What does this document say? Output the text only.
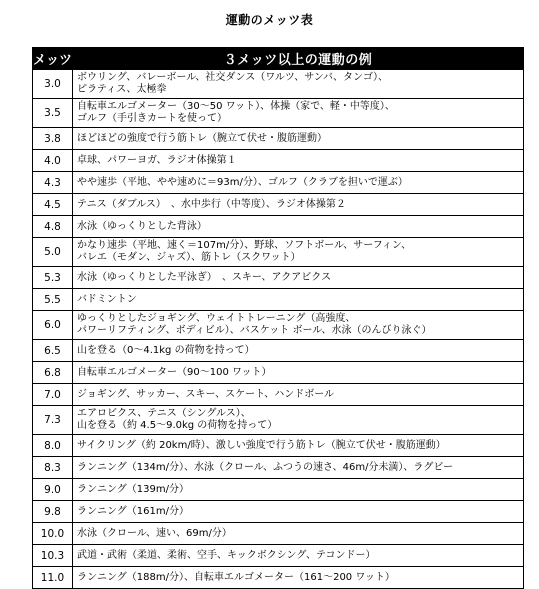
運動のメッツ表
メッツ	３メッツ以上の運動の例
3.0	ボウリング、バレーボール、社交ダンス（ワルツ、サンバ、タンゴ）、
ピラティス、太極拳

3.5	自転車エルゴメーター（30～50 ワット）、体操（家で、軽・中等度）、
ゴルフ（手引きカートを使って）

3.8	ほどほどの強度で行う筋トレ（腕立て伏せ・腹筋運動）

4.0	卓球、パワーヨガ、ラジオ体操第１

4.3	やや速歩（平地、やや速めに＝93m/分）、ゴルフ（クラブを担いで運ぶ）

4.5	テニス（ダブルス）　、水中歩行（中等度）、ラジオ体操第２

4.8	水泳（ゆっくりとした背泳）

5.0	かなり速歩（平地、速く＝107m/分）、野球、ソフトボール、サーフィン、
バレエ（モダン、ジャズ）、筋トレ（スクワット）

5.3	水泳（ゆっくりとした平泳ぎ）　、スキー、アクアビクス

5.5	バドミントン

6.0	ゆっくりとしたジョギング、ウェイトトレーニング（高強度、
パワーリフティング、ボディビル）、バスケット ボール、水泳（のんびり泳ぐ）

6.5	山を登る（0～4.1kg の荷物を持って）

6.8	自転車エルゴメーター（90～100 ワット）

7.0	ジョギング、サッカー、スキー、スケート、ハンドボール

7.3	エアロビクス、テニス（シングルス）、
山を登る（約 4.5～9.0kg の荷物を持って）

8.0	サイクリング（約 20km/時）、激しい強度で行う筋トレ（腕立て伏せ・腹筋運動）

8.3	ランニング（134m/分）、水泳（クロール、ふつうの速さ、46m/分未満）、ラグビー

9.0	ランニング（139m/分）

9.8	ランニング（161m/分）

10.0	水泳（クロール、速い、69m/分）

10.3	武道・武術（柔道、柔術、空手、キックボクシング、テコンドー）

11.0	ランニング（188m/分）、自転車エルゴメーター（161～200 ワット）
